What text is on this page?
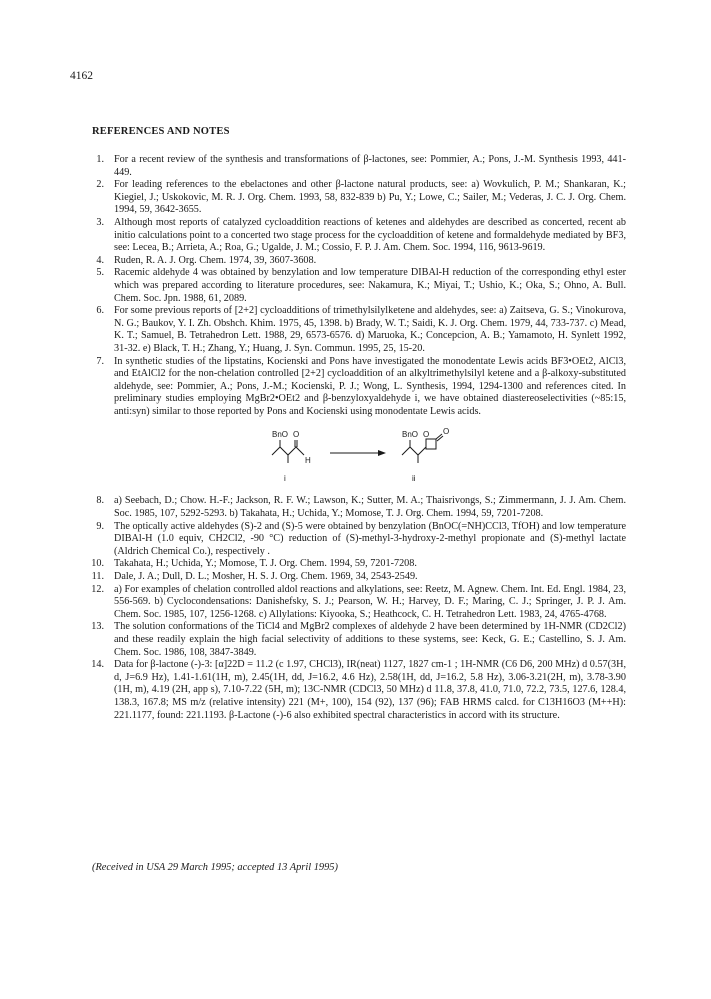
4162
REFERENCES AND NOTES
1. For a recent review of the synthesis and transformations of β-lactones, see: Pommier, A.; Pons, J.-M. Synthesis 1993, 441-449.
2. For leading references to the ebelactones and other β-lactone natural products, see: a) Wovkulich, P. M.; Shankaran, K.; Kiegiel, J.; Uskokovic, M. R. J. Org. Chem. 1993, 58, 832-839 b) Pu, Y.; Lowe, C.; Sailer, M.; Vederas, J. C. J. Org. Chem. 1994, 59, 3642-3655.
3. Although most reports of catalyzed cycloaddition reactions of ketenes and aldehydes are described as concerted, recent ab initio calculations point to a concerted two stage process for the cycloaddition of ketene and formaldehyde mediated by BF3, see: Lecea, B.; Arrieta, A.; Roa, G.; Ugalde, J. M.; Cossio, F. P. J. Am. Chem. Soc. 1994, 116, 9613-9619.
4. Ruden, R. A. J. Org. Chem. 1974, 39, 3607-3608.
5. Racemic aldehyde 4 was obtained by benzylation and low temperature DIBAl-H reduction of the corresponding ethyl ester which was prepared according to literature procedures, see: Nakamura, K.; Miyai, T.; Ushio, K.; Oka, S.; Ohno, A. Bull. Chem. Soc. Jpn. 1988, 61, 2089.
6. For some previous reports of [2+2] cycloadditions of trimethylsilylketene and aldehydes, see: a) Zaitseva, G. S.; Vinokurova, N. G.; Baukov, Y. I. Zh. Obshch. Khim. 1975, 45, 1398. b) Brady, W. T.; Saidi, K. J. Org. Chem. 1979, 44, 733-737. c) Mead, K. T.; Samuel, B. Tetrahedron Lett. 1988, 29, 6573-6576. d) Maruoka, K.; Concepcion, A. B.; Yamamoto, H. Synlett 1992, 31-32. e) Black, T. H.; Zhang, Y.; Huang, J. Syn. Commun. 1995, 25, 15-20.
7. In synthetic studies of the lipstatins, Kocienski and Pons have investigated the monodentate Lewis acids BF3•OEt2, AlCl3, and EtAlCl2 for the non-chelation controlled [2+2] cycloaddition of an alkyltrimethylsilyl ketene and a β-alkoxy-substituted aldehyde, see: Pommier, A.; Pons, J.-M.; Kocienski, P. J.; Wong, L. Synthesis, 1994, 1294-1300 and references cited. In preliminary studies employing MgBr2•OEt2 and β-benzyloxyaldehyde i, we have obtained diastereoselectivities (~85:15, anti:syn) similar to those reported by Pons and Kocienski using monodentate Lewis acids.
BnO O
H
i
BnO O O
ii
8. a) Seebach, D.; Chow. H.-F.; Jackson, R. F. W.; Lawson, K.; Sutter, M. A.; Thaisrivongs, S.; Zimmermann, J. J. Am. Chem. Soc. 1985, 107, 5292-5293. b) Takahata, H.; Uchida, Y.; Momose, T. J. Org. Chem. 1994, 59, 7201-7208.
9. The optically active aldehydes (S)-2 and (S)-5 were obtained by benzylation (BnOC(=NH)CCl3, TfOH) and low temperature DIBAl-H (1.0 equiv, CH2Cl2, -90 °C) reduction of (S)-methyl-3-hydroxy-2-methyl propionate and (S)-methyl lactate (Aldrich Chemical Co.), respectively .
10. Takahata, H.; Uchida, Y.; Momose, T. J. Org. Chem. 1994, 59, 7201-7208.
11. Dale, J. A.; Dull, D. L.; Mosher, H. S. J. Org. Chem. 1969, 34, 2543-2549.
12. a) For examples of chelation controlled aldol reactions and alkylations, see: Reetz, M. Agnew. Chem. Int. Ed. Engl. 1984, 23, 556-569. b) Cyclocondensations: Danishefsky, S. J.; Pearson, W. H.; Harvey, D. F.; Maring, C. J.; Springer, J. P. J. Am. Chem. Soc. 1985, 107, 1256-1268. c) Allylations: Kiyooka, S.; Heathcock, C. H. Tetrahedron Lett. 1983, 24, 4765-4768.
13. The solution conformations of the TiCl4 and MgBr2 complexes of aldehyde 2 have been determined by 1H-NMR (CD2Cl2) and these readily explain the high facial selectivity of additions to these systems, see: Keck, G. E.; Castellino, S. J. Am. Chem. Soc. 1986, 108, 3847-3849.
14. Data for β-lactone (-)-3: [α]22D = 11.2 (c 1.97, CHCl3), IR(neat) 1127, 1827 cm-1 ; 1H-NMR (C6 D6, 200 MHz) d 0.57(3H, d, J=6.9 Hz), 1.41-1.61(1H, m), 2.45(1H, dd, J=16.2, 4.6 Hz), 2.58(1H, dd, J=16.2, 5.8 Hz), 3.06-3.21(2H, m), 3.78-3.90 (1H, m), 4.19 (2H, app s), 7.10-7.22 (5H, m); 13C-NMR (CDCl3, 50 MHz) d 11.8, 37.8, 41.0, 71.0, 72.2, 73.5, 127.6, 128.4, 138.3, 167.8; MS m/z (relative intensity) 221 (M+, 100), 154 (92), 137 (96); FAB HRMS calcd. for C13H16O3 (M++H): 221.1177, found: 221.1193. β-Lactone (-)-6 also exhibited spectral characteristics in accord with its structure.
(Received in USA 29 March 1995; accepted 13 April 1995)
